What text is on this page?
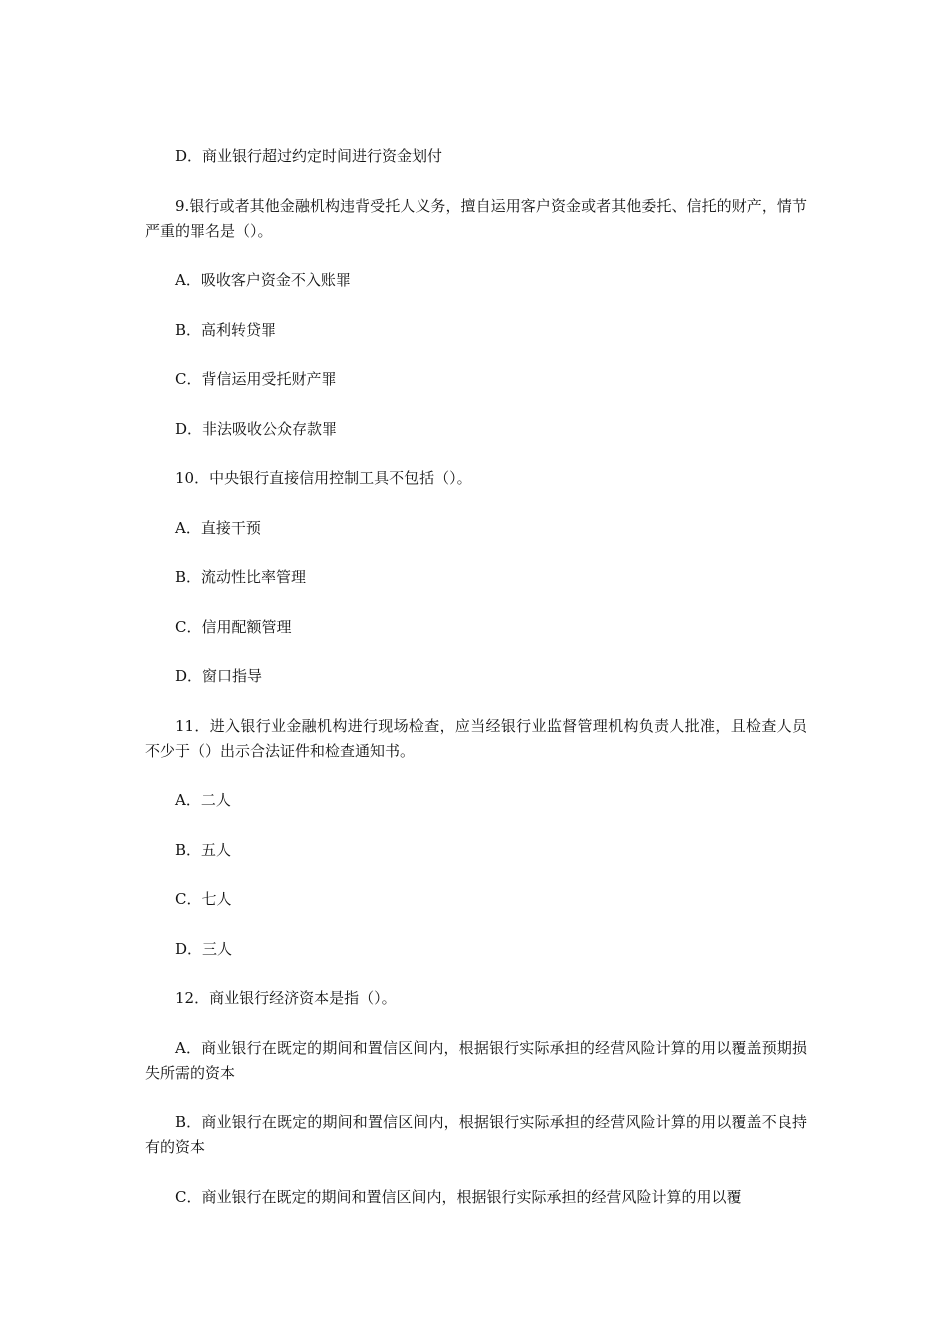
D．商业银行超过约定时间进行资金划付

9.银行或者其他金融机构违背受托人义务，擅自运用客户资金或者其他委托、信托的财产，情节严重的罪名是（）。

A．吸收客户资金不入账罪

B．高利转贷罪

C．背信运用受托财产罪

D．非法吸收公众存款罪

10．中央银行直接信用控制工具不包括（）。

A．直接干预

B．流动性比率管理

C．信用配额管理

D．窗口指导

11．进入银行业金融机构进行现场检查，应当经银行业监督管理机构负责人批准，且检查人员不少于（）出示合法证件和检查通知书。

A．二人

B．五人

C．七人

D．三人

12．商业银行经济资本是指（）。

A．商业银行在既定的期间和置信区间内，根据银行实际承担的经营风险计算的用以覆盖预期损失所需的资本

B．商业银行在既定的期间和置信区间内，根据银行实际承担的经营风险计算的用以覆盖不良持有的资本

C．商业银行在既定的期间和置信区间内，根据银行实际承担的经营风险计算的用以覆
